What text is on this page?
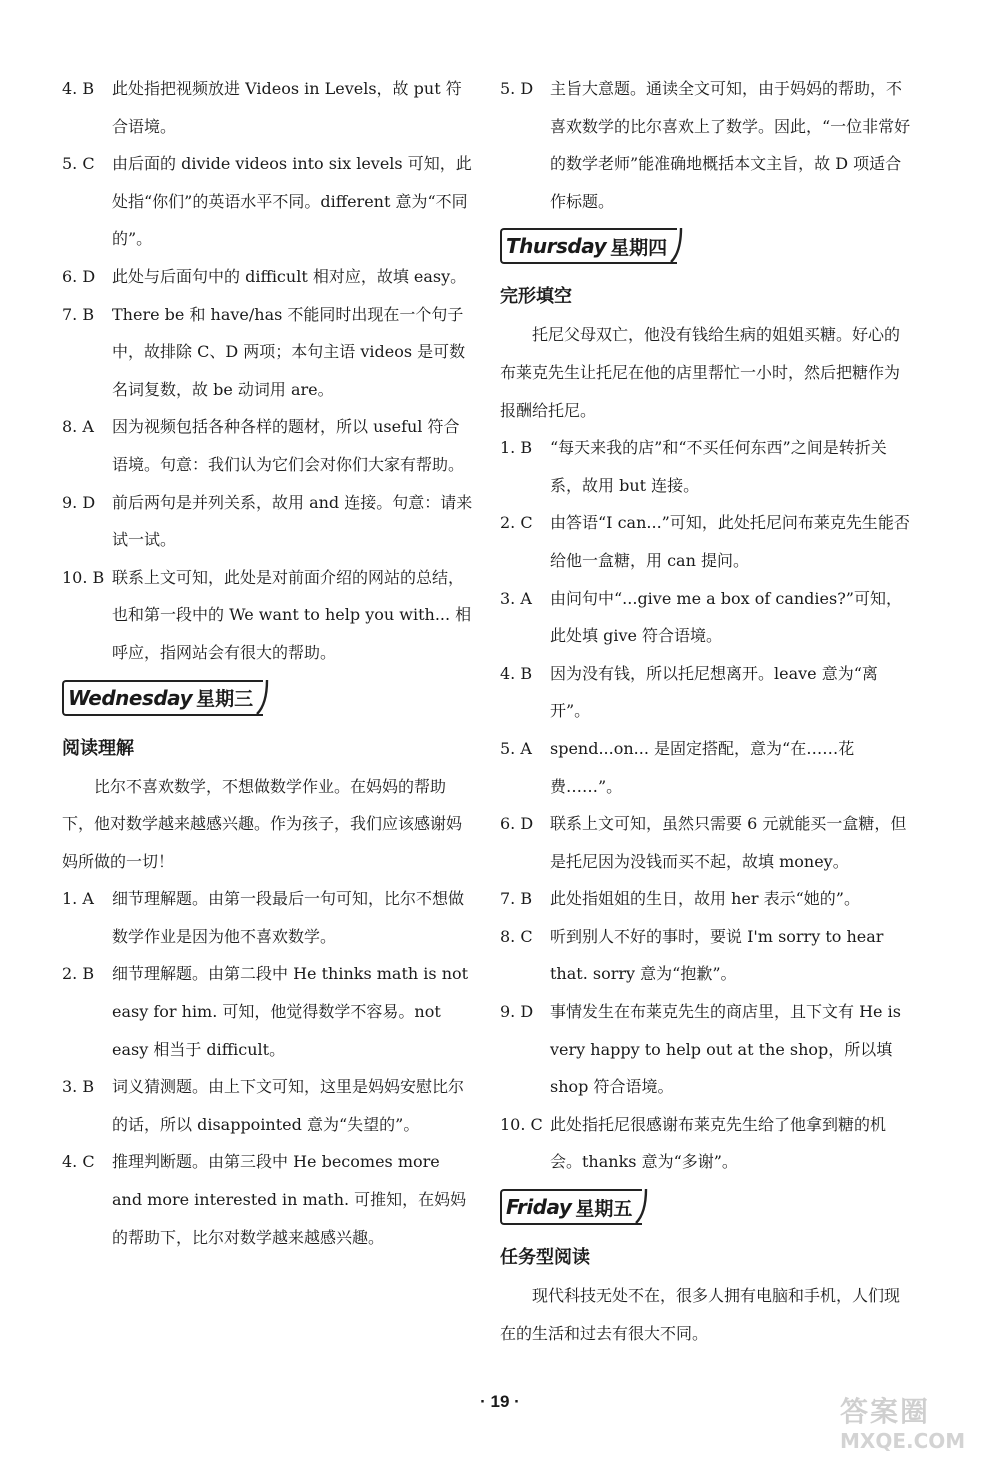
4. B	此处指把视频放进 Videos in Levels，故 put 符合语境。
5. C	由后面的 divide videos into six levels 可知，此处指“你们”的英语水平不同。different 意为“不同的”。
6. D	此处与后面句中的 difficult 相对应，故填 easy。
7. B	There be 和 have/has 不能同时出现在一个句子中，故排除 C、D 两项；本句主语 videos 是可数名词复数，故 be 动词用 are。
8. A	因为视频包括各种各样的题材，所以 useful 符合语境。句意：我们认为它们会对你们大家有帮助。
9. D	前后两句是并列关系，故用 and 连接。句意：请来试一试。
10. B 联系上文可知，此处是对前面介绍的网站的总结，也和第一段中的 We want to help you with... 相呼应，指网站会有很大的帮助。
Wednesday 星期三
阅读理解

比尔不喜欢数学，不想做数学作业。在妈妈的帮助下，他对数学越来越感兴趣。作为孩子，我们应该感谢妈妈所做的一切！

1. A	细节理解题。由第一段最后一句可知，比尔不想做数学作业是因为他不喜欢数学。
2. B	细节理解题。由第二段中 He thinks math is not easy for him. 可知，他觉得数学不容易。not easy 相当于 difficult。
3. B	词义猜测题。由上下文可知，这里是妈妈安慰比尔的话，所以 disappointed 意为“失望的”。
4. C	推理判断题。由第三段中 He becomes more and more interested in math. 可推知，在妈妈的帮助下，比尔对数学越来越感兴趣。
5. D	主旨大意题。通读全文可知，由于妈妈的帮助，不喜欢数学的比尔喜欢上了数学。因此，“一位非常好的数学老师”能准确地概括本文主旨，故 D 项适合作标题。
Thursday 星期四
完形填空

托尼父母双亡，他没有钱给生病的姐姐买糖。好心的布莱克先生让托尼在他的店里帮忙一小时，然后把糖作为报酬给托尼。

1. B	“每天来我的店”和“不买任何东西”之间是转折关系，故用 but 连接。
2. C	由答语“I can...”可知，此处托尼问布莱克先生能否给他一盒糖，用 can 提问。
3. A	由问句中“...give me a box of candies?”可知，此处填 give 符合语境。
4. B	因为没有钱，所以托尼想离开。leave 意为“离开”。
5. A	spend...on... 是固定搭配，意为“在……花费……”。
6. D	联系上文可知，虽然只需要 6 元就能买一盒糖，但是托尼因为没钱而买不起，故填 money。
7. B	此处指姐姐的生日，故用 her 表示“她的”。
8. C	听到别人不好的事时，要说 I'm sorry to hear that. sorry 意为“抱歉”。
9. D	事情发生在布莱克先生的商店里，且下文有 He is very happy to help out at the shop，所以填 shop 符合语境。
10. C 此处指托尼很感谢布莱克先生给了他拿到糖的机会。thanks 意为“多谢”。
Friday 星期五
任务型阅读

现代科技无处不在，很多人拥有电脑和手机，人们现在的生活和过去有很大不同。

· 19 ·	答案圈
MXQE.COM
